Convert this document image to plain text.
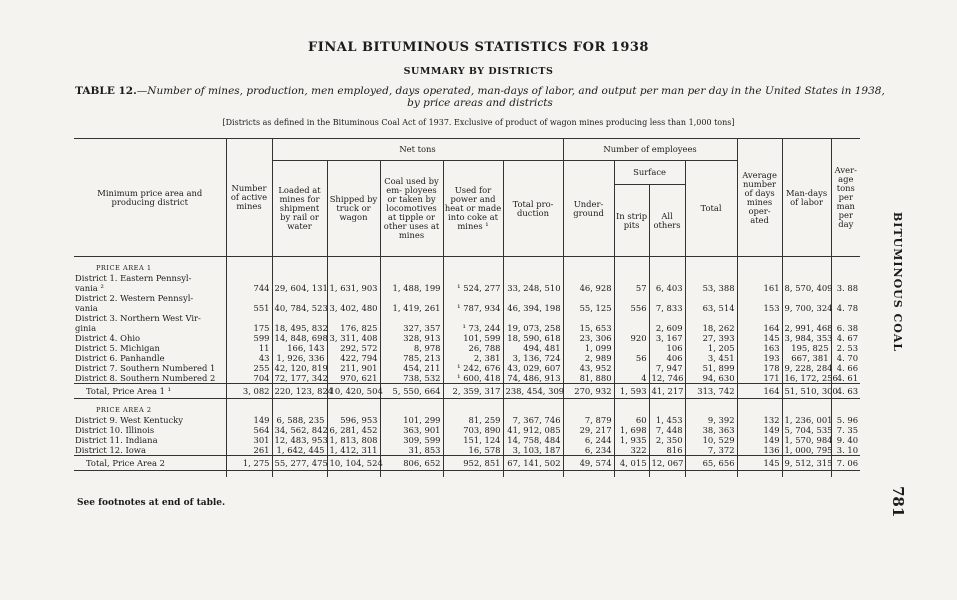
FINAL BITUMINOUS STATISTICS FOR 1938
SUMMARY BY DISTRICTS
TABLE 12.—Number of mines, production, men employed, days operated, man-days of labor, and output per man per day in the United States in 1938, by price areas and districts
[Districts as defined in the Bituminous Coal Act of 1937. Exclusive of product of wagon mines producing less than 1,000 tons]
Minimum price area and producing district	Number of active mines	Net tons					Number of employees				Average number of days mines oper- ated	Man-days of labor	Aver- age tons per man per day
		Loaded at mines for shipment by rail or water	Shipped by truck or wagon	Coal used by em- ployees or taken by locomotives at tipple or other uses at mines	Used for power and heat or made into coke at mines ¹	Total pro- duction	Under- ground	Surface		Total			
								In strip pits	All others				

PRICE AREA 1													
District 1. Eastern Pennsyl-													
vania ²	744	29, 604, 131	1, 631, 903	1, 488, 199	¹ 524, 277	33, 248, 510	46, 928	57	6, 403	53, 388	161	8, 570, 409	3. 88
District 2. Western Pennsyl-													
vania	551	40, 784, 523	3, 402, 480	1, 419, 261	¹ 787, 934	46, 394, 198	55, 125	556	7, 833	63, 514	153	9, 700, 324	4. 78
District 3. Northern West Vir-													
ginia	175	18, 495, 832	176, 825	327, 357	¹ 73, 244	19, 073, 258	15, 653		2, 609	18, 262	164	2, 991, 468	6. 38
District 4. Ohio	599	14, 848, 698	3, 311, 408	328, 913	101, 599	18, 590, 618	23, 306	920	3, 167	27, 393	145	3, 984, 353	4. 67
District 5. Michigan	11	166, 143	292, 572	8, 978	26, 788	494, 481	1, 099		106	1, 205	163	195, 825	2. 53
District 6. Panhandle	43	1, 926, 336	422, 794	785, 213	2, 381	3, 136, 724	2, 989	56	406	3, 451	193	667, 381	4. 70
District 7. Southern Numbered 1	255	42, 120, 819	211, 901	454, 211	¹ 242, 676	43, 029, 607	43, 952		7, 947	51, 899	178	9, 228, 284	4. 66
District 8. Southern Numbered 2	704	72, 177, 342	970, 621	738, 532	¹ 600, 418	74, 486, 913	81, 880	4	12, 746	94, 630	171	16, 172, 256	4. 61
Total, Price Area 1 ¹	3, 082	220, 123, 824	10, 420, 504	5, 550, 664	2, 359, 317	238, 454, 309	270, 932	1, 593	41, 217	313, 742	164	51, 510, 300	4. 63

PRICE AREA 2													
District 9. West Kentucky	149	6, 588, 235	596, 953	101, 299	81, 259	7, 367, 746	7, 879	60	1, 453	9, 392	132	1, 236, 001	5. 96
District 10. Illinois	564	34, 562, 842	6, 281, 452	363, 901	703, 890	41, 912, 085	29, 217	1, 698	7, 448	38, 363	149	5, 704, 535	7. 35
District 11. Indiana	301	12, 483, 953	1, 813, 808	309, 599	151, 124	14, 758, 484	6, 244	1, 935	2, 350	10, 529	149	1, 570, 984	9. 40
District 12. Iowa	261	1, 642, 445	1, 412, 311	31, 853	16, 578	3, 103, 187	6, 234	322	816	7, 372	136	1, 000, 795	3. 10
Total, Price Area 2	1, 275	55, 277, 475	10, 104, 524	806, 652	952, 851	67, 141, 502	49, 574	4, 015	12, 067	65, 656	145	9, 512, 315	7. 06

BITUMINOUS COAL
781
See footnotes at end of table.
